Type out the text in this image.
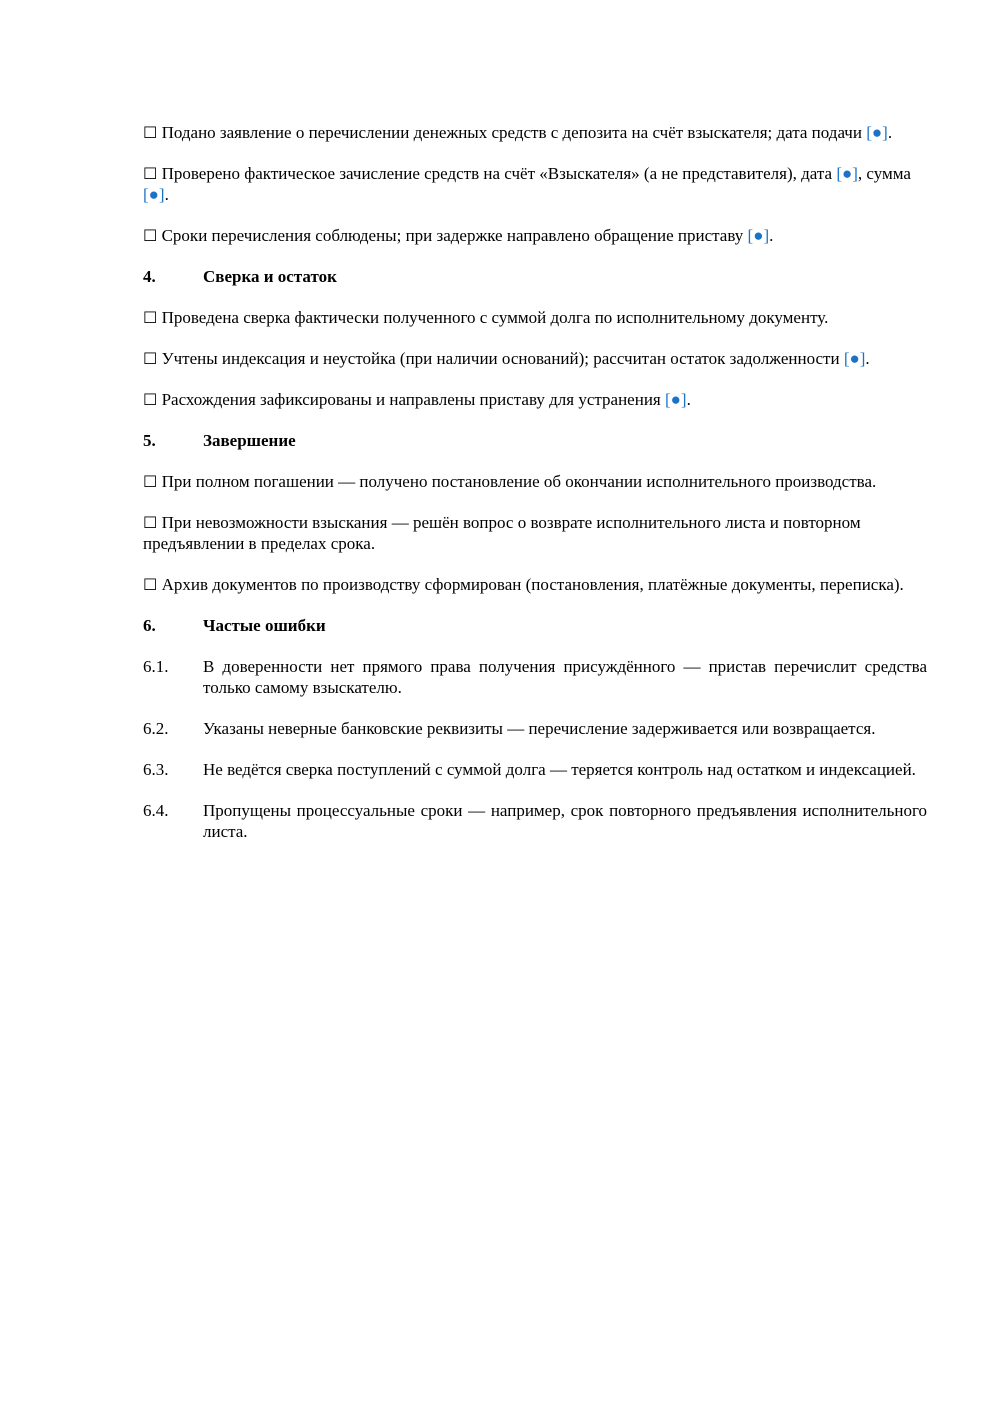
☐ Подано заявление о перечислении денежных средств с депозита на счёт взыскателя; дата подачи [●].

☐ Проверено фактическое зачисление средств на счёт «Взыскателя» (а не представителя), дата [●], сумма [●].

☐ Сроки перечисления соблюдены; при задержке направлено обращение приставу [●].

4.	Сверка и остаток

☐ Проведена сверка фактически полученного с суммой долга по исполнительному документу.

☐ Учтены индексация и неустойка (при наличии оснований); рассчитан остаток задолженности [●].

☐ Расхождения зафиксированы и направлены приставу для устранения [●].

5.	Завершение

☐ При полном погашении — получено постановление об окончании исполнительного производства.

☐ При невозможности взыскания — решён вопрос о возврате исполнительного листа и повторном предъявлении в пределах срока.

☐ Архив документов по производству сформирован (постановления, платёжные документы, переписка).

6.	Частые ошибки
6.1.	В доверенности нет прямого права получения присуждённого — пристав перечислит средства только самому взыскателю.
6.2.	Указаны неверные банковские реквизиты — перечисление задерживается или возвращается.
6.3.	Не ведётся сверка поступлений с суммой долга — теряется контроль над остатком и индексацией.
6.4.	Пропущены процессуальные сроки — например, срок повторного предъявления исполнительного листа.
